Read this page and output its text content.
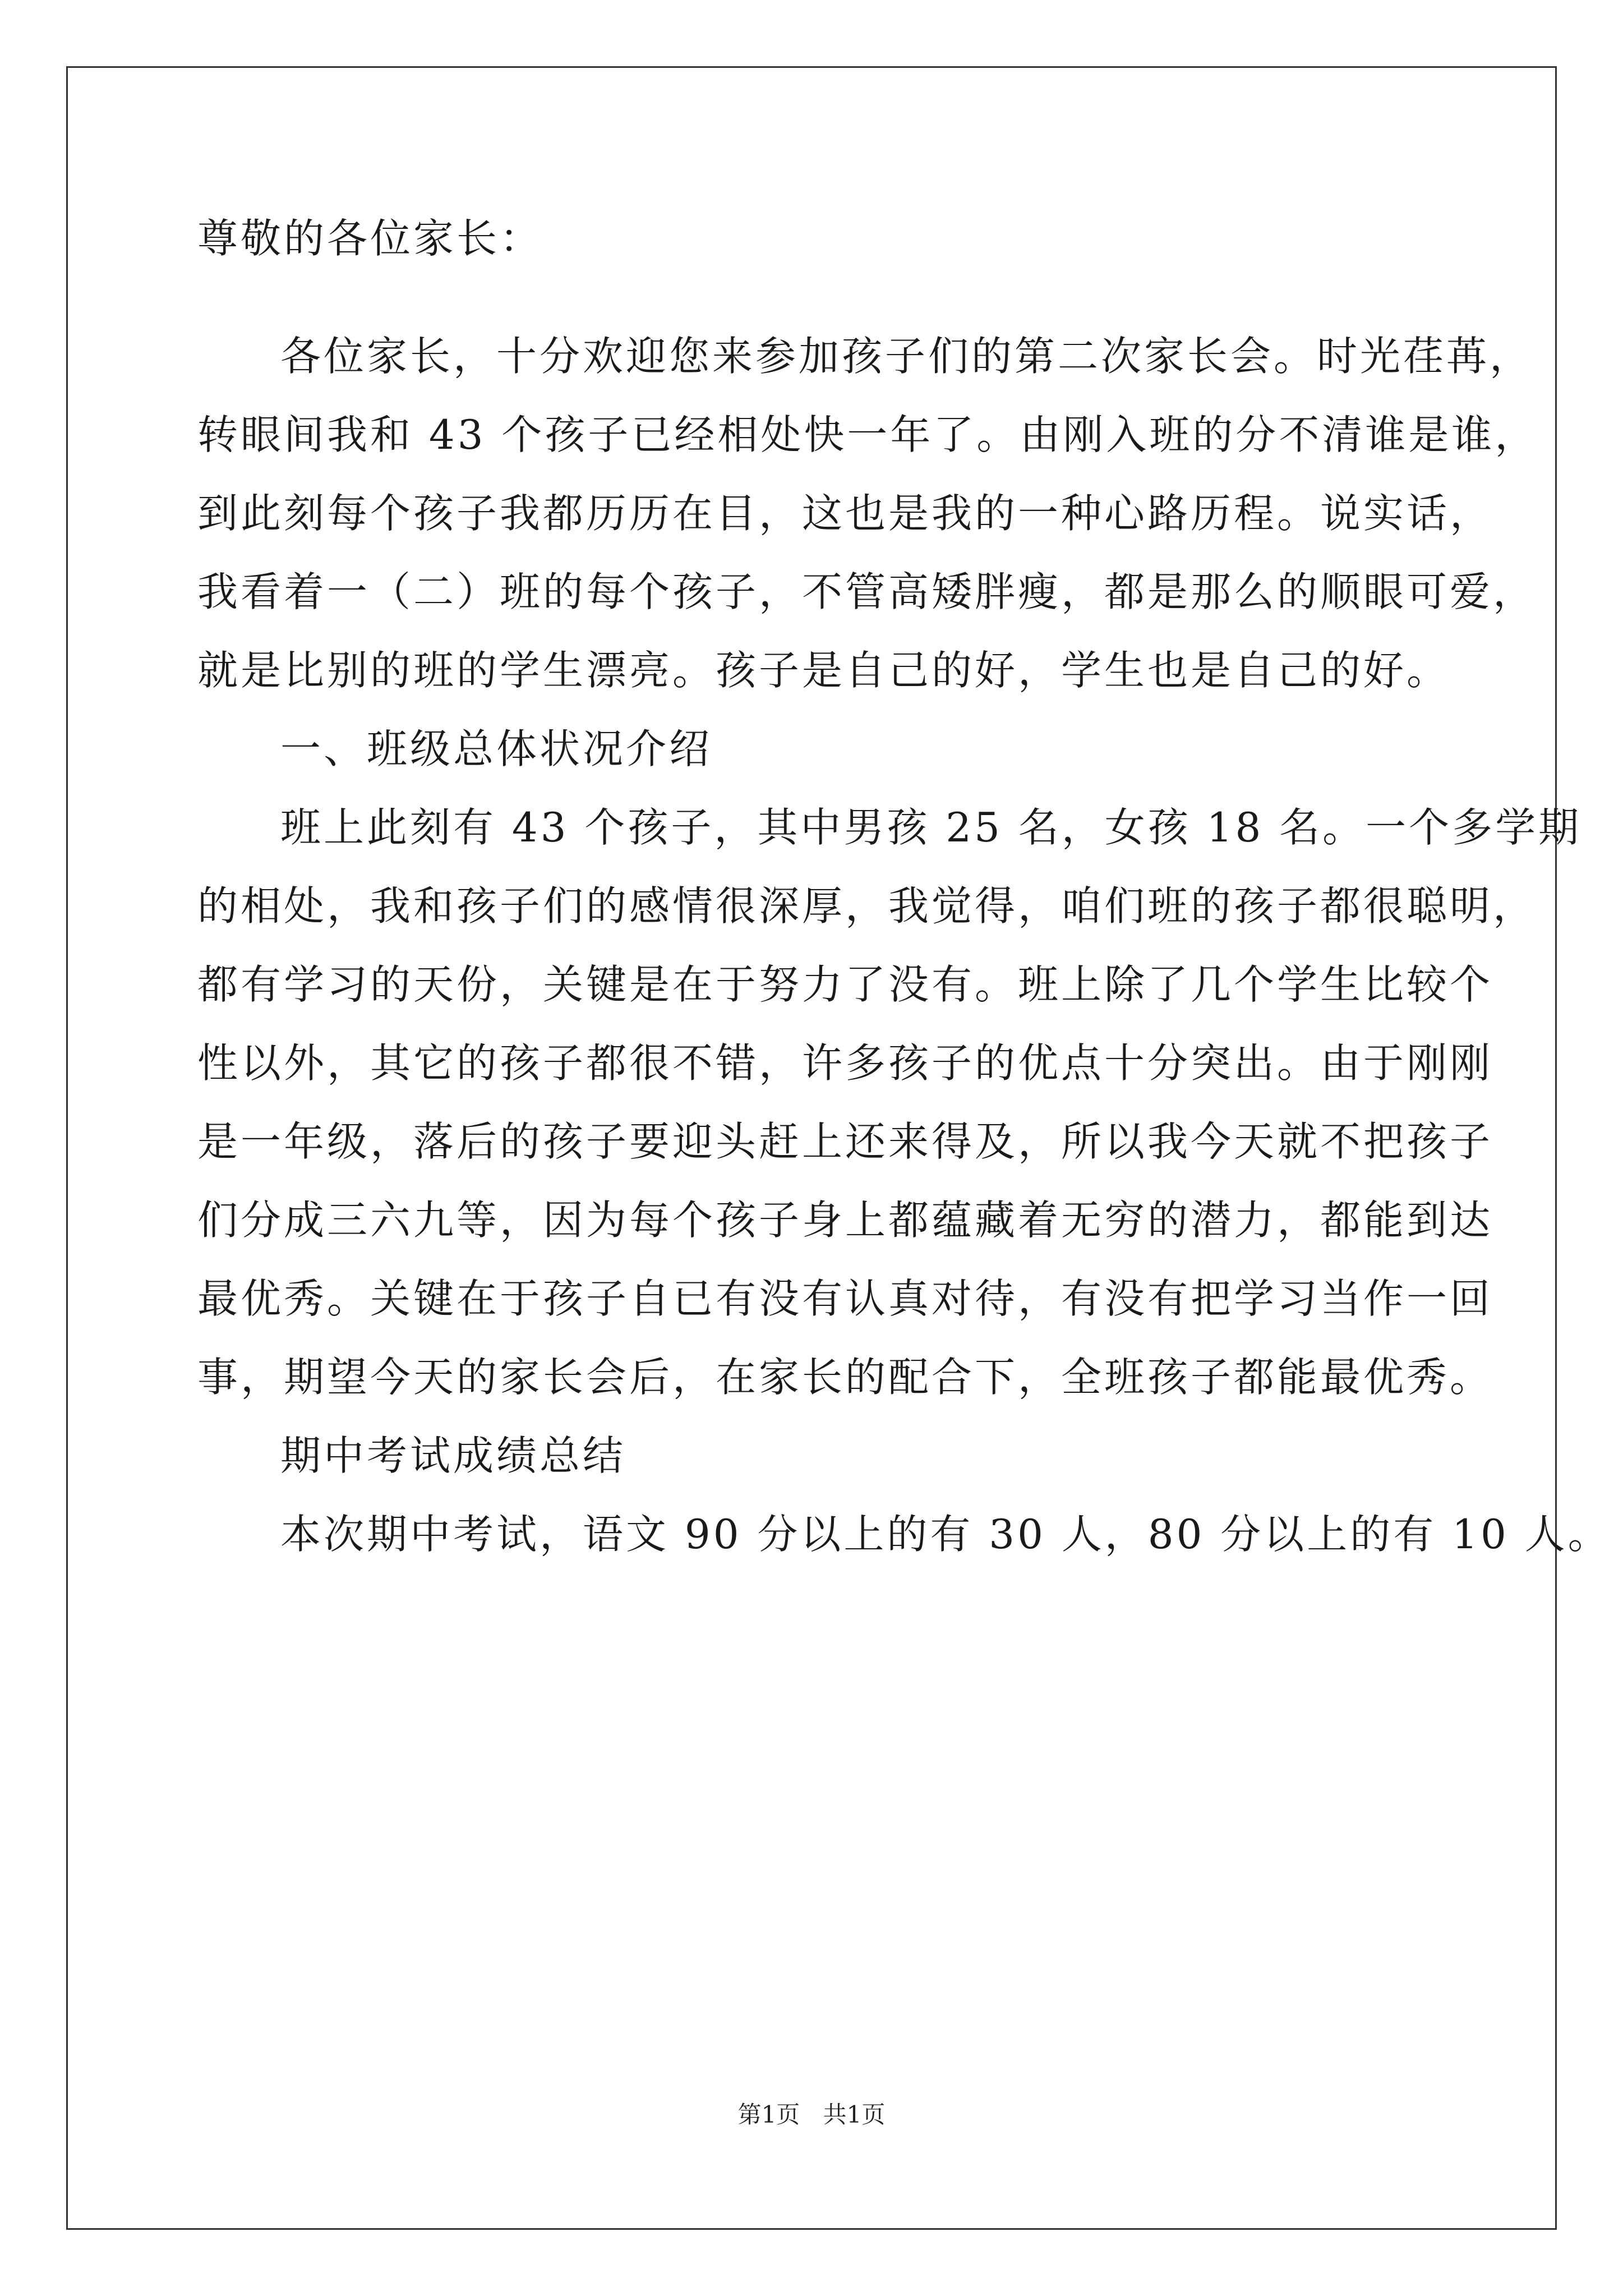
尊敬的各位家长：
各位家长，十分欢迎您来参加孩子们的第二次家长会。时光荏苒，
转眼间我和 43 个孩子已经相处快一年了。由刚入班的分不清谁是谁，
到此刻每个孩子我都历历在目，这也是我的一种心路历程。说实话，
我看着一（二）班的每个孩子，不管高矮胖瘦，都是那么的顺眼可爱，
就是比别的班的学生漂亮。孩子是自己的好，学生也是自己的好。
一、班级总体状况介绍
班上此刻有 43 个孩子，其中男孩 25 名，女孩 18 名。一个多学期
的相处，我和孩子们的感情很深厚，我觉得，咱们班的孩子都很聪明，
都有学习的天份，关键是在于努力了没有。班上除了几个学生比较个
性以外，其它的孩子都很不错，许多孩子的优点十分突出。由于刚刚
是一年级，落后的孩子要迎头赶上还来得及，所以我今天就不把孩子
们分成三六九等，因为每个孩子身上都蕴藏着无穷的潜力，都能到达
最优秀。关键在于孩子自已有没有认真对待，有没有把学习当作一回
事，期望今天的家长会后，在家长的配合下，全班孩子都能最优秀。
期中考试成绩总结
本次期中考试，语文 90 分以上的有 30 人，80 分以上的有 10 人。
第1页 共1页
